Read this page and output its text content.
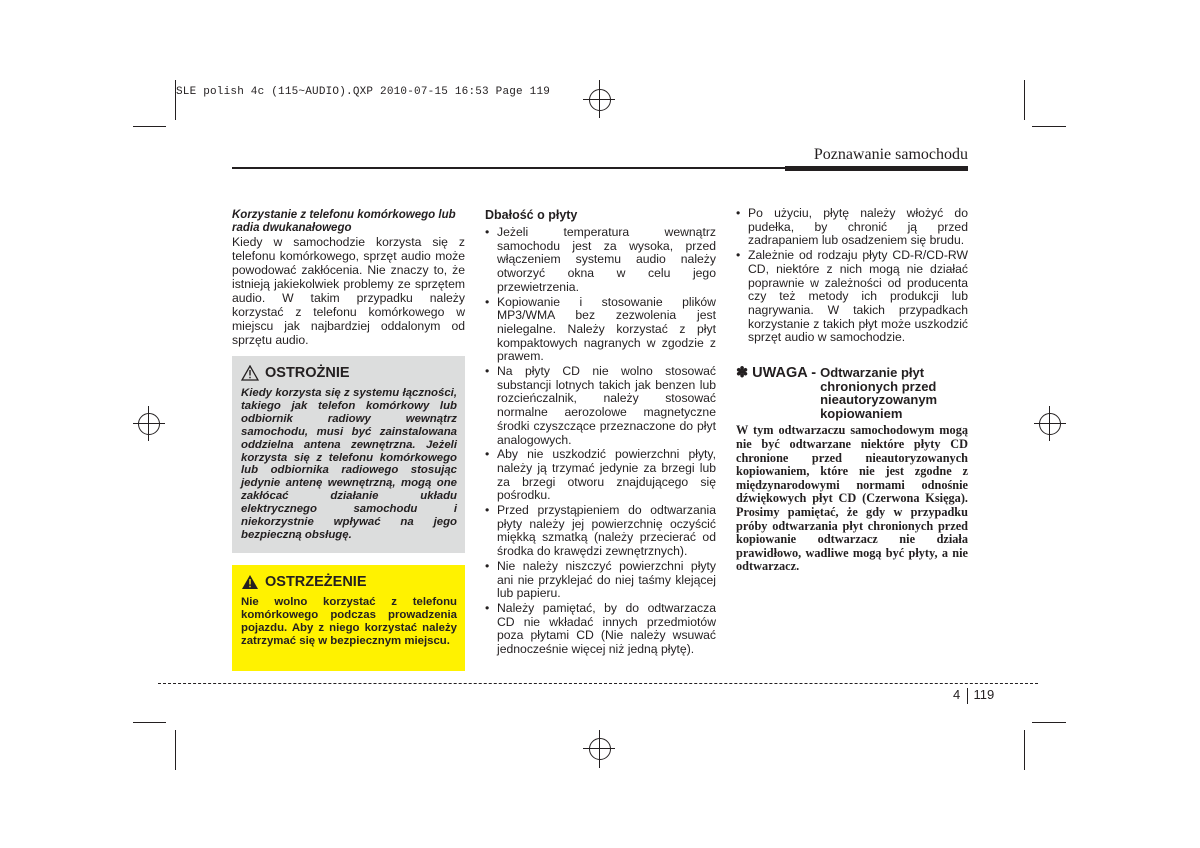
SLE polish 4c (115~AUDIO).QXP 2010-07-15 16:53 Page 119
Poznawanie samochodu

Korzystanie z telefonu komórkowego lub radia dwukanałowego

Kiedy w samochodzie korzysta się z telefonu komórkowego, sprzęt audio może powodować zakłócenia. Nie znaczy to, że istnieją jakiekolwiek problemy ze sprzętem audio. W takim przypadku należy korzystać z telefonu komórkowego w miejscu jak najbardziej oddalonym od sprzętu audio.

OSTROŻNIE
Kiedy korzysta się z systemu łączności, takiego jak telefon komórkowy lub odbiornik radiowy wewnątrz samochodu, musi być zainstalowana oddzielna antena zewnętrzna. Jeżeli korzysta się z telefonu komórkowego lub odbiornika radiowego stosując jedynie antenę wewnętrzną, mogą one zakłócać działanie układu elektrycznego samochodu i niekorzystnie wpływać na jego bezpieczną obsługę.
OSTRZEŻENIE
Nie wolno korzystać z telefonu komórkowego podczas prowadzenia pojazdu. Aby z niego korzystać należy zatrzymać się w bezpiecznym miejscu.

Dbałość o płyty

• Jeżeli temperatura wewnątrz samochodu jest za wysoka, przed włączeniem systemu audio należy otworzyć okna w celu jego przewietrzenia.
• Kopiowanie i stosowanie plików MP3/WMA bez zezwolenia jest nielegalne. Należy korzystać z płyt kompaktowych nagranych w zgodzie z prawem.
• Na płyty CD nie wolno stosować substancji lotnych takich jak benzen lub rozcieńczalnik, należy stosować normalne aerozolowe magnetyczne środki czyszczące przeznaczone do płyt analogowych.
• Aby nie uszkodzić powierzchni płyty, należy ją trzymać jedynie za brzegi lub za brzegi otworu znajdującego się pośrodku.
• Przed przystąpieniem do odtwarzania płyty należy jej powierzchnię oczyścić miękką szmatką (należy przecierać od środka do krawędzi zewnętrznych).
• Nie należy niszczyć powierzchni płyty ani nie przyklejać do niej taśmy klejącej lub papieru.
• Należy pamiętać, by do odtwarzacza CD nie wkładać innych przedmiotów poza płytami CD (Nie należy wsuwać jednocześnie więcej niż jedną płytę).
• Po użyciu, płytę należy włożyć do pudełka, by chronić ją przed zadrapaniem lub osadzeniem się brudu.
• Zależnie od rodzaju płyty CD-R/CD-RW CD, niektóre z nich mogą nie działać poprawnie w zależności od producenta czy też metody ich produkcji lub nagrywania. W takich przypadkach korzystanie z takich płyt może uszkodzić sprzęt audio w samochodzie.
✽ UWAGA - Odtwarzanie płyt chronionych przed nieautoryzowanym kopiowaniem
W tym odtwarzaczu samochodowym mogą nie być odtwarzane niektóre płyty CD chronione przed nieautoryzowanych kopiowaniem, które nie jest zgodne z międzynarodowymi normami odnośnie dźwiękowych płyt CD (Czerwona Księga). Prosimy pamiętać, że gdy w przypadku próby odtwarzania płyt chronionych przed kopiowanie odtwarzacz nie działa prawidłowo, wadliwe mogą być płyty, a nie odtwarzacz.
4 119
